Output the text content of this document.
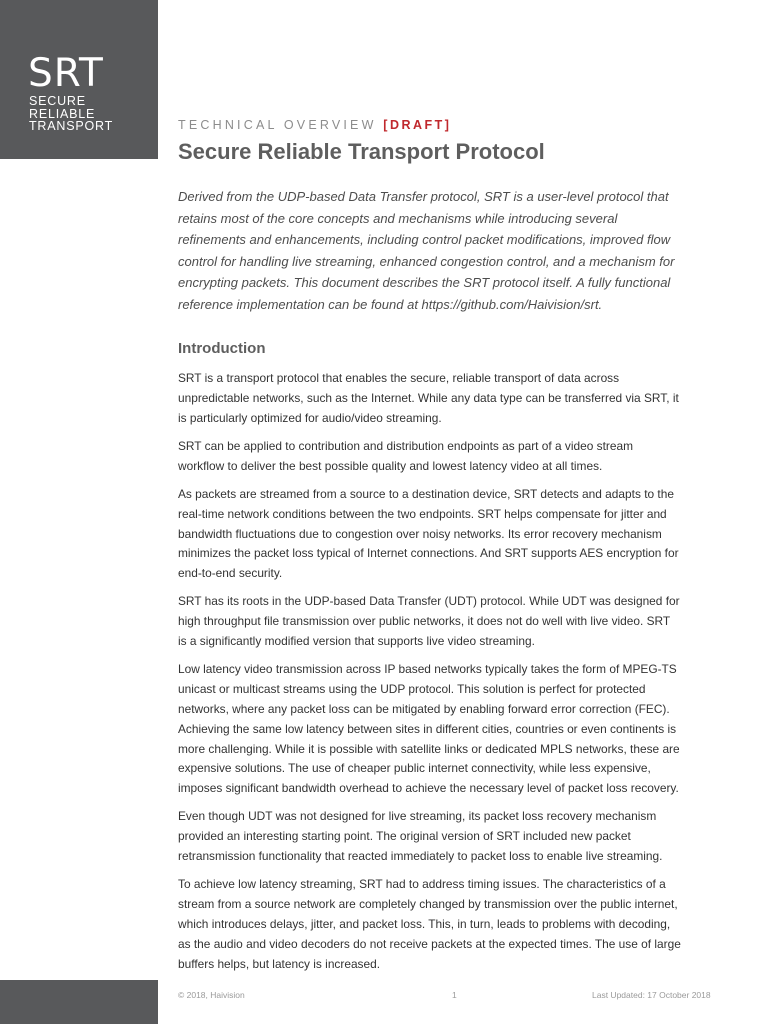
SRT
SECURE
RELIABLE
TRANSPORT	TECHNICAL OVERVIEW [DRAFT]
Secure Reliable Transport Protocol
Derived from the UDP-based Data Transfer protocol, SRT is a user-level protocol that
retains most of the core concepts and mechanisms while introducing several
refinements and enhancements, including control packet modifications, improved flow
control for handling live streaming, enhanced congestion control, and a mechanism for
encrypting packets. This document describes the SRT protocol itself. A fully functional
reference implementation can be found at https://github.com/Haivision/srt.
Introduction

SRT is a transport protocol that enables the secure, reliable transport of data across
unpredictable networks, such as the Internet. While any data type can be transferred via SRT, it
is particularly optimized for audio/video streaming.

SRT can be applied to contribution and distribution endpoints as part of a video stream
workflow to deliver the best possible quality and lowest latency video at all times.

As packets are streamed from a source to a destination device, SRT detects and adapts to the
real-time network conditions between the two endpoints. SRT helps compensate for jitter and
bandwidth fluctuations due to congestion over noisy networks. Its error recovery mechanism
minimizes the packet loss typical of Internet connections. And SRT supports AES encryption for
end-to-end security.

SRT has its roots in the UDP-based Data Transfer (UDT) protocol. While UDT was designed for
high throughput file transmission over public networks, it does not do well with live video. SRT
is a significantly modified version that supports live video streaming.

Low latency video transmission across IP based networks typically takes the form of MPEG-TS
unicast or multicast streams using the UDP protocol. This solution is perfect for protected
networks, where any packet loss can be mitigated by enabling forward error correction (FEC).
Achieving the same low latency between sites in different cities, countries or even continents is
more challenging. While it is possible with satellite links or dedicated MPLS networks, these are
expensive solutions. The use of cheaper public internet connectivity, while less expensive,
imposes significant bandwidth overhead to achieve the necessary level of packet loss recovery.

Even though UDT was not designed for live streaming, its packet loss recovery mechanism
provided an interesting starting point. The original version of SRT included new packet
retransmission functionality that reacted immediately to packet loss to enable live streaming.

To achieve low latency streaming, SRT had to address timing issues. The characteristics of a
stream from a source network are completely changed by transmission over the public internet,
which introduces delays, jitter, and packet loss. This, in turn, leads to problems with decoding,
as the audio and video decoders do not receive packets at the expected times. The use of large
buffers helps, but latency is increased.

© 2018, Haivision	1	Last Updated: 17 October 2018
